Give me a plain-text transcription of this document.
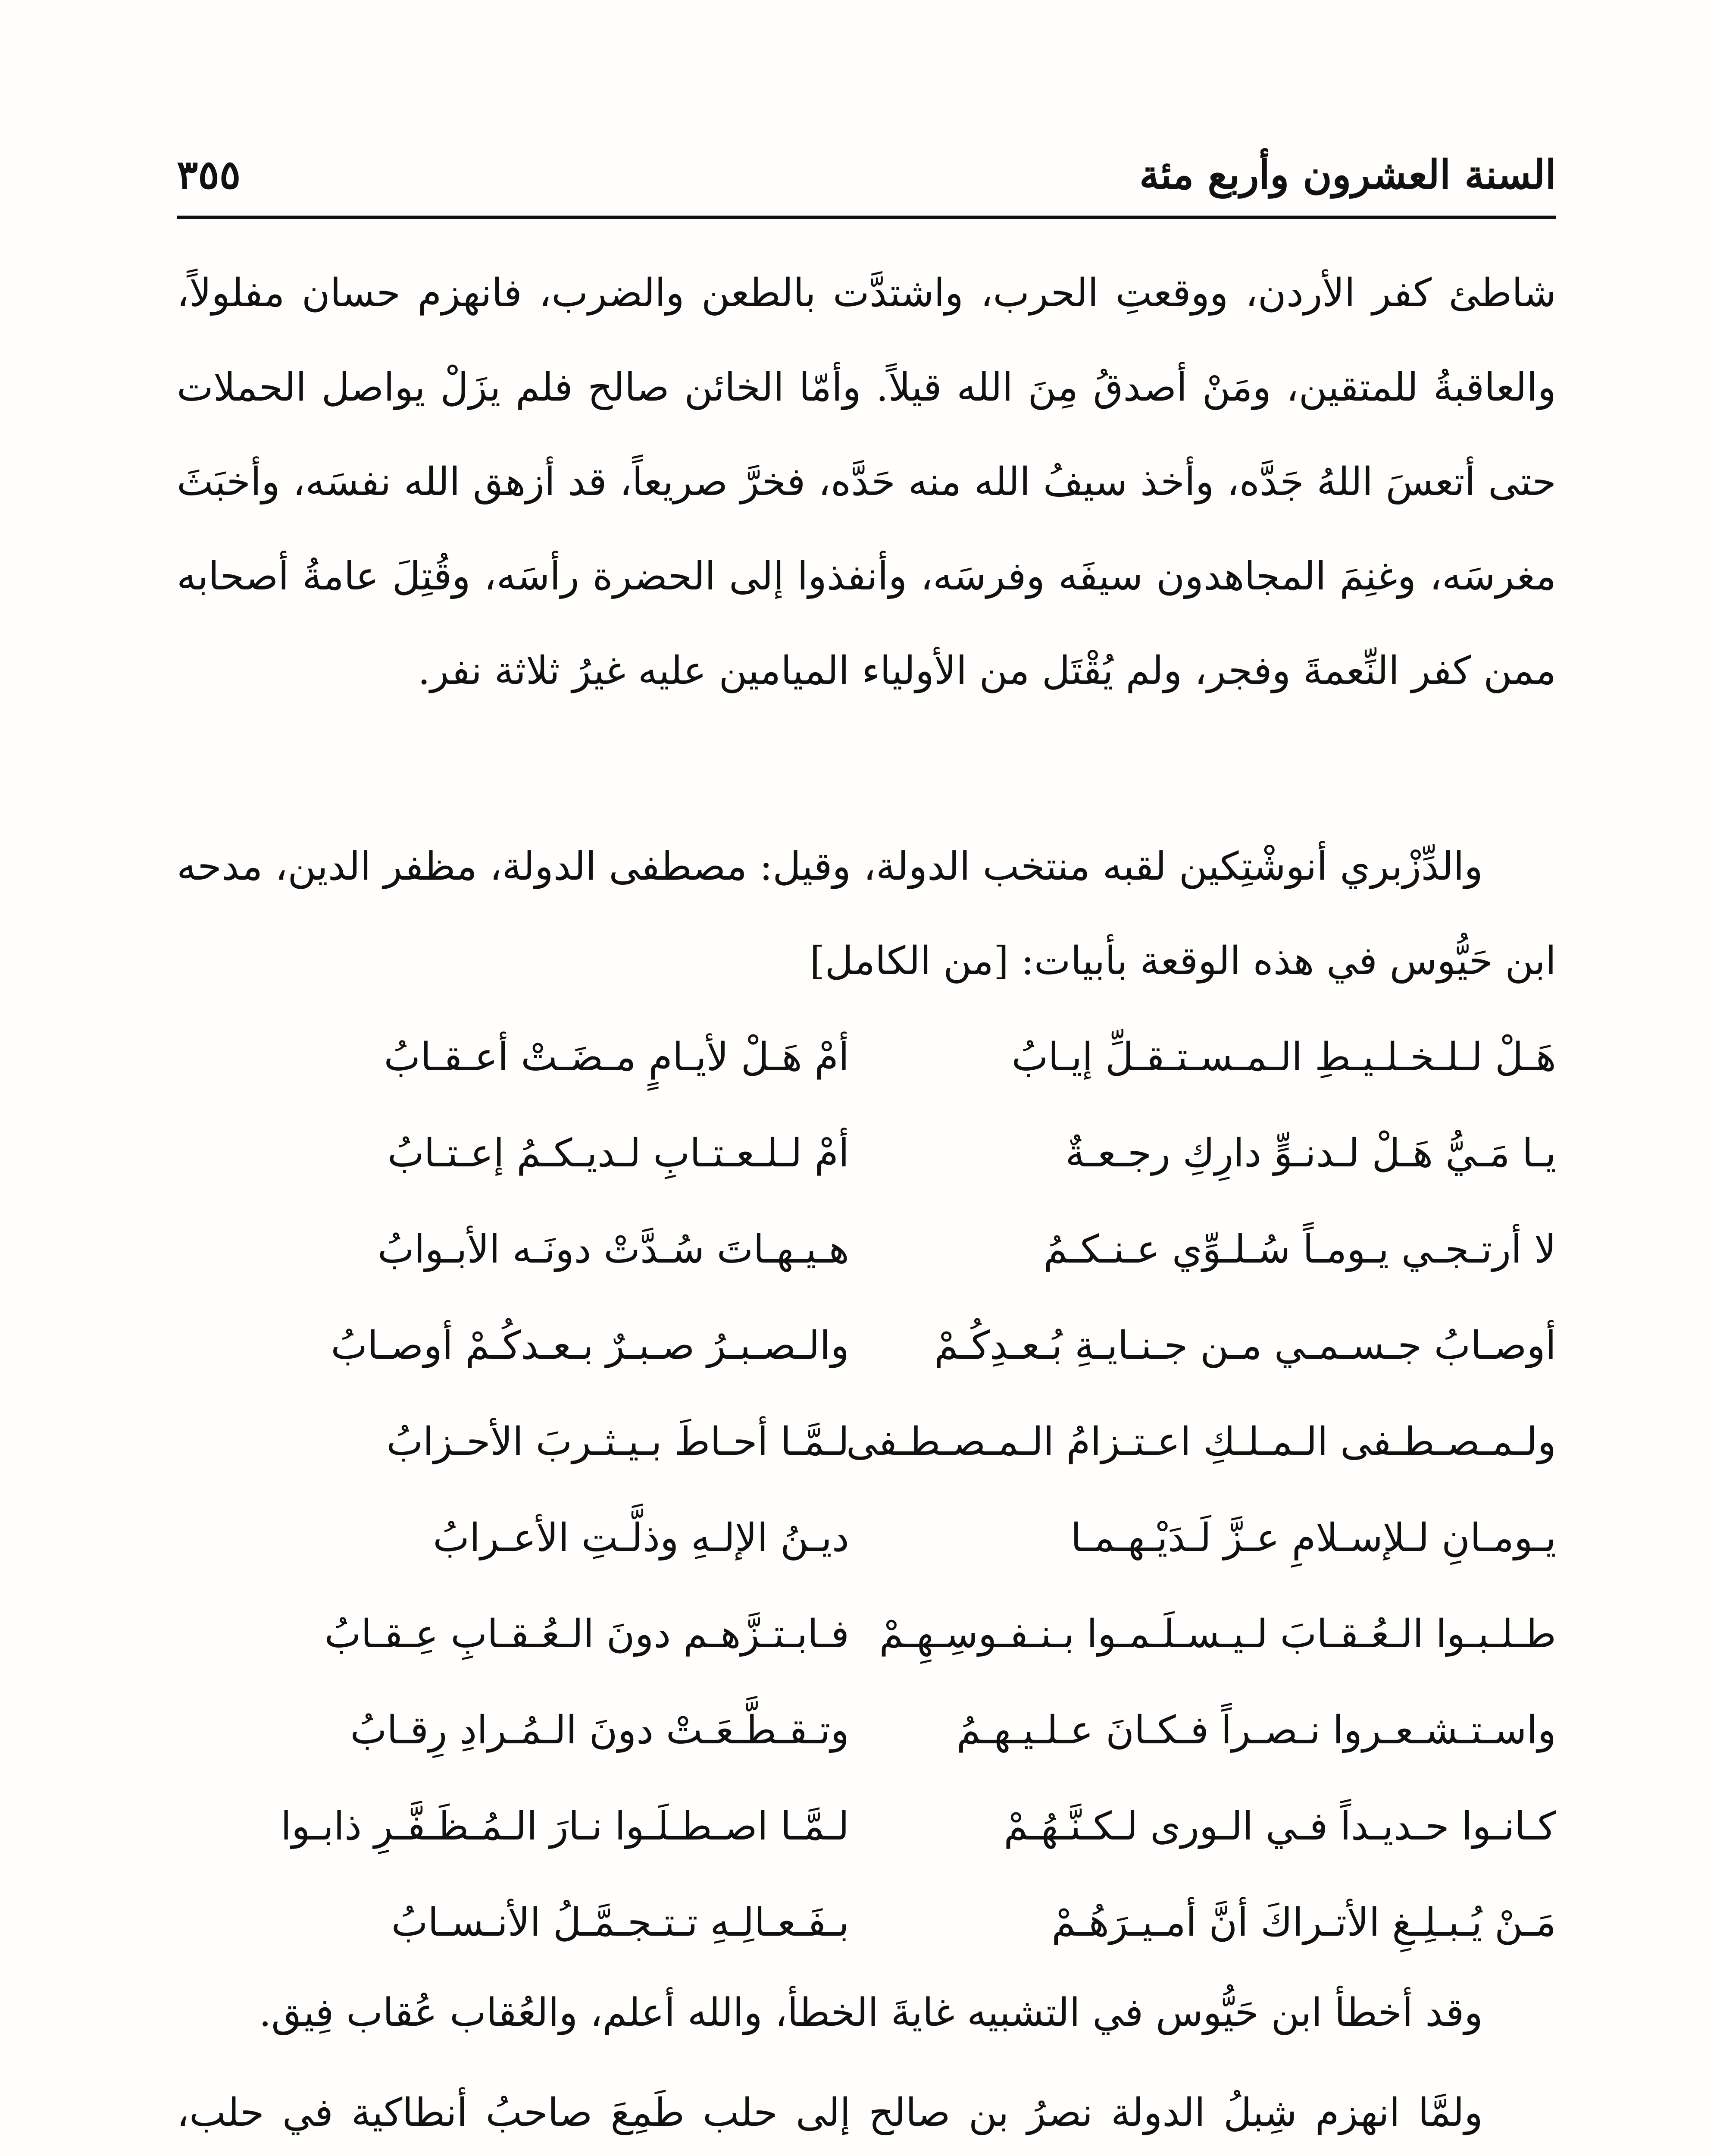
السنة العشرون وأربع مئة
٣٥٥
شاطئ كفر الأردن، ووقعتِ الحرب، واشتدَّت بالطعن والضرب، فانهزم حسان مفلولاً، والعاقبةُ للمتقين، ومَنْ أصدقُ مِنَ الله قيلاً. وأمّا الخائن صالح فلم يزَلْ يواصل الحملات حتى أتعسَ اللهُ جَدَّه، وأخذ سيفُ الله منه حَدَّه، فخرَّ صريعاً، قد أزهق الله نفسَه، وأخبَثَ مغرسَه، وغنِمَ المجاهدون سيفَه وفرسَه، وأنفذوا إلى الحضرة رأسَه، وقُتِلَ عامةُ أصحابه ممن كفر النِّعمةَ وفجر، ولم يُقْتَل من الأولياء الميامين عليه غيرُ ثلاثة نفر.
والدِّزْبري أنوشْتِكين لقبه منتخب الدولة، وقيل: مصطفى الدولة، مظفر الدين، مدحه ابن حَيُّوس في هذه الوقعة بأبيات: [من الكامل]
هَـلْ لـلـخـلـيـطِ الـمـسـتـقـلِّ إيـابُ
أمْ هَـلْ لأيـامٍ مـضَـتْ أعـقـابُ
يـا مَـيُّ هَـلْ لـدنـوٍّ دارِكِ رجـعـةٌ
أمْ لـلـعـتـابِ لـديـكـمُ إعـتـابُ
لا أرتـجـي يـومـاً سُـلـوِّي عـنـكـمُ
هـيـهـاتَ سُـدَّتْ دونَـه الأبـوابُ
أوصـابُ جـسـمـي مـن جـنـايـةِ بُـعـدِكُـمْ
والـصـبـرُ صـبـرٌ بـعـدكُـمْ أوصـابُ
ولـمـصـطـفى الـمـلـكِ اعـتـزامُ الـمـصـطـفى
لـمَّـا أحـاطَ بـيـثـربَ الأحـزابُ
يـومـانِ لـلإسـلامِ عـزَّ لَـدَيْـهـمـا
ديـنُ الإلـهِ وذلَّـتِ الأعـرابُ
طـلـبـوا الـعُـقـابَ لـيـسـلَـمـوا بـنـفـوسِـهِـمْ
فـابـتـزَّهـم دونَ الـعُـقـابِ عِـقـابُ
واسـتـشـعـروا نـصـراً فـكـانَ عـلـيـهـمُ
وتـقـطَّـعَـتْ دونَ الـمُـرادِ رِقـابُ
كـانـوا حـديـداً فـي الـورى لـكـنَّـهُـمْ
لـمَّـا اصـطـلَـوا نـارَ الـمُـظَـفَّـرِ ذابـوا
مَـنْ يُـبـلِـغِ الأتـراكَ أنَّ أمـيـرَهُـمْ
بـفَـعـالِـهِ تـتـجـمَّـلُ الأنـسـابُ
وقد أخطأ ابن حَيُّوس في التشبيه غايةَ الخطأ، والله أعلم، والعُقاب عُقاب فِيق.
ولمَّا انهزم شِبلُ الدولة نصرُ بن صالح إلى حلب طَمِعَ صاحبُ أنطاكية في حلب،
